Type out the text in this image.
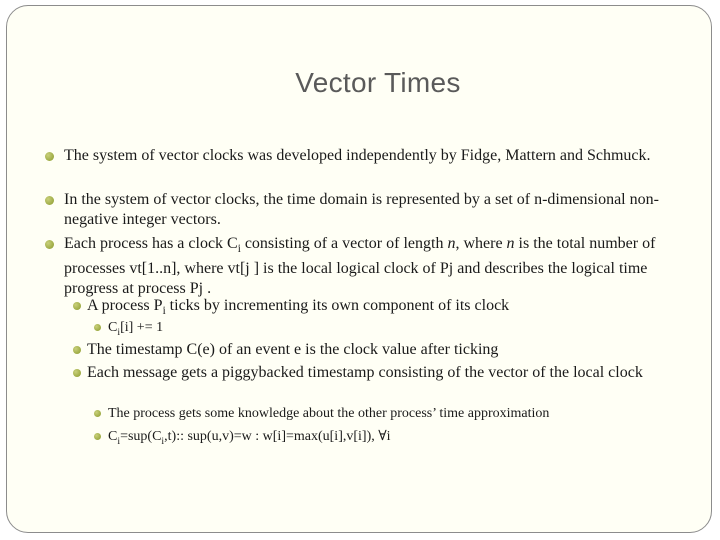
Vector Times

The system of vector clocks was developed independently by Fidge, Mattern and Schmuck.

In the system of vector clocks, the time domain is represented by a set of n-dimensional non-negative integer vectors.

Each process has a clock $C_i$ consisting of a vector of length n, where n is the total number of processes vt[1..n], where vt[j ] is the local logical clock of Pj and describes the logical time progress at process Pj .

A process $P_i$ ticks by incrementing its own component of its clock

$C_i[i] += 1$

The timestamp C(e) of an event e is the clock value after ticking

Each message gets a piggybacked timestamp consisting of the vector of the local clock

The process gets some knowledge about the other process’ time approximation

$C_i=sup(C_i,t)$:: sup(u,v)=w : w[i]=max(u[i],v[i]), ∀i
